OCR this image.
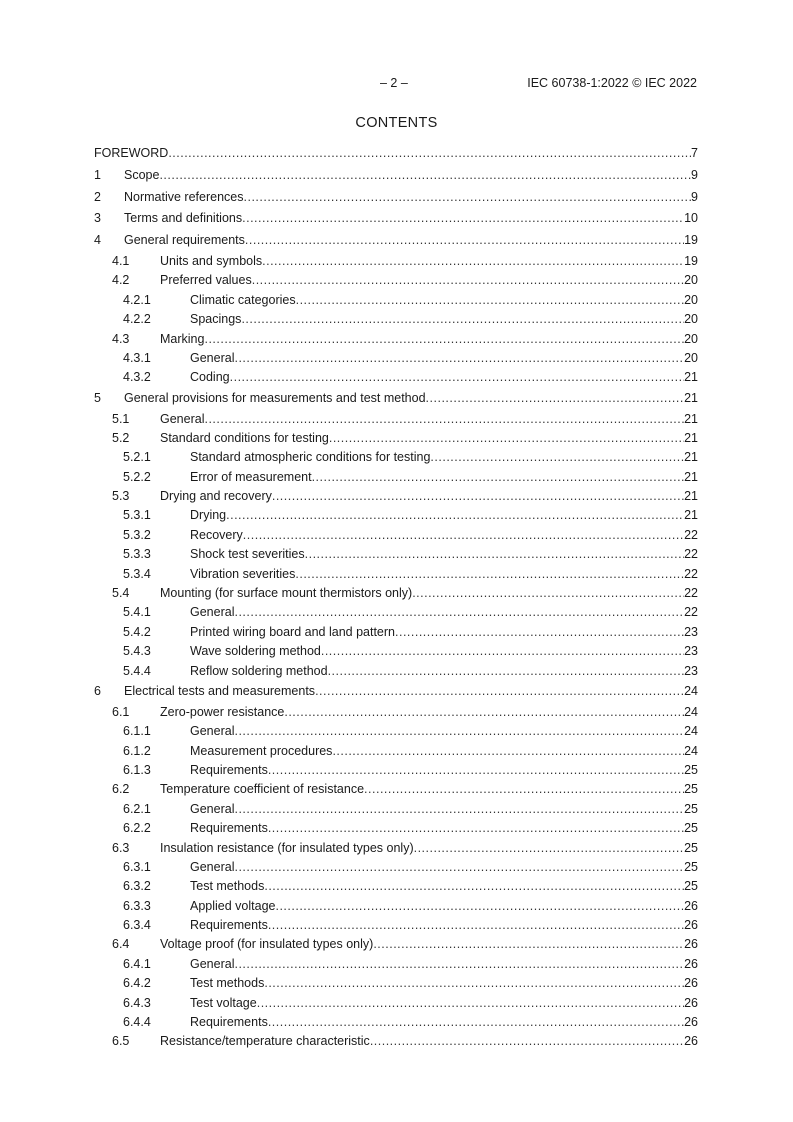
– 2 –	IEC 60738-1:2022 © IEC 2022
CONTENTS
FOREWORD .....	7
1 Scope .....	9
2 Normative references .....	9
3 Terms and definitions .....	10
4 General requirements .....	19
4.1 Units and symbols .....	19
4.2 Preferred values .....	20
4.2.1	Climatic categories .....	20
4.2.2	Spacings .....	20
4.3 Marking .....	20
4.3.1	General .....	20
4.3.2	Coding .....	21
5 General provisions for measurements and test method .....	21
5.1 General .....	21
5.2 Standard conditions for testing .....	21
5.2.1	Standard atmospheric conditions for testing .....	21
5.2.2	Error of measurement .....	21
5.3 Drying and recovery .....	21
5.3.1	Drying .....	21
5.3.2	Recovery .....	22
5.3.3	Shock test severities .....	22
5.3.4	Vibration severities .....	22
5.4 Mounting (for surface mount thermistors only) .....	22
5.4.1	General .....	22
5.4.2	Printed wiring board and land pattern .....	23
5.4.3	Wave soldering method .....	23
5.4.4	Reflow soldering method .....	23
6 Electrical tests and measurements .....	24
6.1 Zero-power resistance .....	24
6.1.1	General .....	24
6.1.2	Measurement procedures .....	24
6.1.3	Requirements .....	25
6.2 Temperature coefficient of resistance .....	25
6.2.1	General .....	25
6.2.2	Requirements .....	25
6.3 Insulation resistance (for insulated types only) .....	25
6.3.1	General .....	25
6.3.2	Test methods .....	25
6.3.3	Applied voltage .....	26
6.3.4	Requirements .....	26
6.4 Voltage proof (for insulated types only) .....	26
6.4.1	General .....	26
6.4.2	Test methods .....	26
6.4.3	Test voltage .....	26
6.4.4	Requirements .....	26
6.5 Resistance/temperature characteristic .....	26
